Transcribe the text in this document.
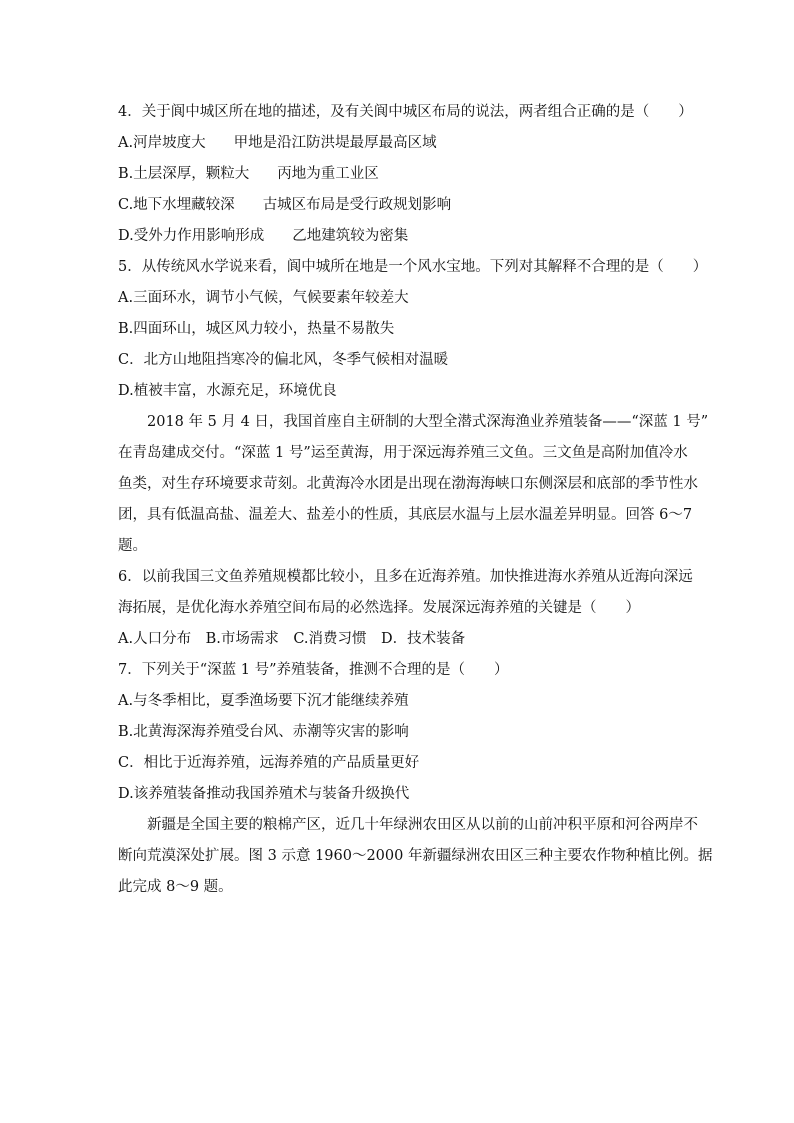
4．关于阆中城区所在地的描述，及有关阆中城区布局的说法，两者组合正确的是（　　）
A.河岸坡度大 甲地是沿江防洪堤最厚最高区域
B.土层深厚，颗粒大 丙地为重工业区
C.地下水埋藏较深 古城区布局是受行政规划影响
D.受外力作用影响形成 乙地建筑较为密集
5．从传统风水学说来看，阆中城所在地是一个风水宝地。下列对其解释不合理的是（　　）
A.三面环水，调节小气候，气候要素年较差大
B.四面环山，城区风力较小，热量不易散失
C．北方山地阻挡寒冷的偏北风，冬季气候相对温暖
D.植被丰富，水源充足，环境优良
2018 年 5 月 4 日，我国首座自主研制的大型全潜式深海渔业养殖装备——“深蓝 1 号”
在青岛建成交付。“深蓝 1 号”运至黄海，用于深远海养殖三文鱼。三文鱼是高附加值冷水
鱼类，对生存环境要求苛刻。北黄海冷水团是出现在渤海海峡口东侧深层和底部的季节性水
团，具有低温高盐、温差大、盐差小的性质，其底层水温与上层水温差异明显。回答 6～7
题。
6．以前我国三文鱼养殖规模都比较小，且多在近海养殖。加快推进海水养殖从近海向深远
海拓展，是优化海水养殖空间布局的必然选择。发展深远海养殖的关键是（　　）
A.人口分布　B.市场需求　C.消费习惯　D．技术装备
7．下列关于“深蓝 1 号”养殖装备，推测不合理的是（　　）
A.与冬季相比，夏季渔场要下沉才能继续养殖
B.北黄海深海养殖受台风、赤潮等灾害的影响
C．相比于近海养殖，远海养殖的产品质量更好
D.该养殖装备推动我国养殖术与装备升级换代
新疆是全国主要的粮棉产区，近几十年绿洲农田区从以前的山前冲积平原和河谷两岸不
断向荒漠深处扩展。图 3 示意 1960～2000 年新疆绿洲农田区三种主要农作物种植比例。据
此完成 8～9 题。
